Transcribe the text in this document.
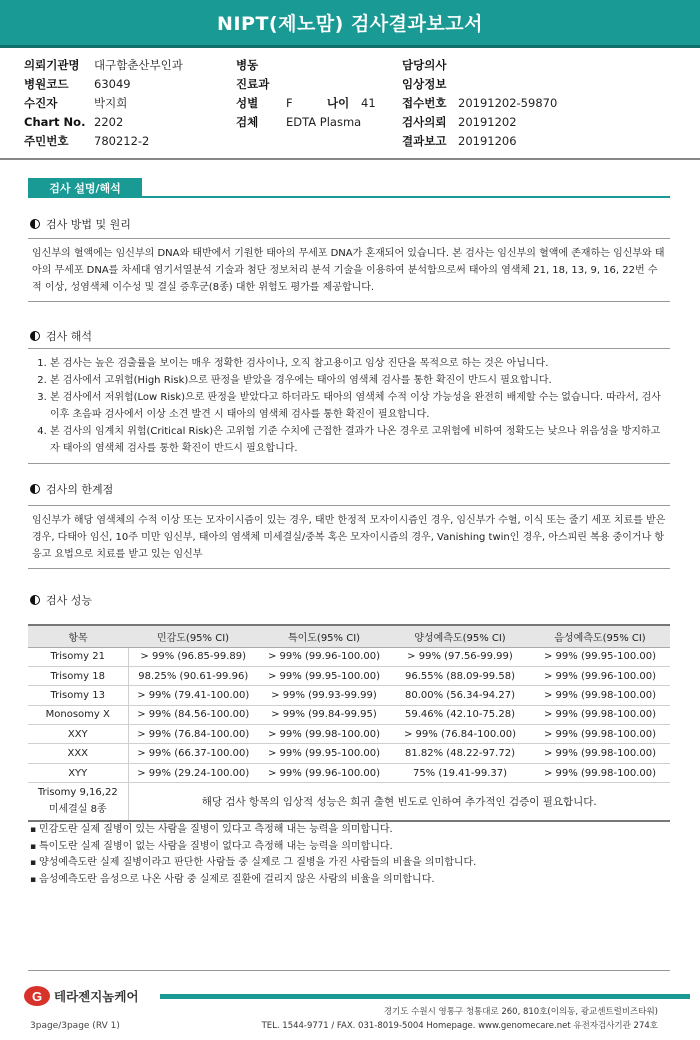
NIPT(제노맘) 검사결과보고서
의뢰기관명 대구함춘산부인과
병원코드 63049
수진자	박지희
Chart No. 2202
주민번호 780212-2
병동
진료과
성별 F	나이 41
검체 EDTA Plasma
담당의사
임상정보
접수번호 20191202-59870
검사의뢰 20191202
결과보고 20191206
검사 설명/해석
검사 방법 및 원리
임신부의 혈액에는 임신부의 DNA와 태반에서 기원한 태아의 무세포 DNA가 혼재되어 있습니다. 본 검사는 임신부의 혈액에 존재하는 임신부와 태아의 무세포 DNA를 차세대 염기서열분석 기술과 첨단 정보처리 분석 기술을 이용하여 분석함으로써 태아의 염색체 21, 18, 13, 9, 16, 22번 수적 이상, 성염색체 이수성 및 결실 증후군(8종) 대한 위험도 평가를 제공합니다.
검사 해석
1. 본 검사는 높은 검출률을 보이는 매우 정확한 검사이나, 오직 참고용이고 임상 진단을 목적으로 하는 것은 아닙니다.
2. 본 검사에서 고위험(High Risk)으로 판정을 받았을 경우에는 태아의 염색체 검사를 통한 확진이 반드시 필요합니다.
3. 본 검사에서 저위험(Low Risk)으로 판정을 받았다고 하더라도 태아의 염색체 수적 이상 가능성을 완전히 배제할 수는 없습니다. 따라서, 검사 이후 초음파 검사에서 이상 소견 발견 시 태아의 염색체 검사를 통한 확진이 필요합니다.
4. 본 검사의 임계치 위험(Critical Risk)은 고위험 기준 수치에 근접한 결과가 나온 경우로 고위험에 비하여 정확도는 낮으나 위음성을 방지하고자 태아의 염색체 검사를 통한 확진이 반드시 필요합니다.
검사의 한계점
임신부가 해당 염색체의 수적 이상 또는 모자이시즘이 있는 경우, 태반 한정적 모자이시즘인 경우, 임신부가 수혈, 이식 또는 줄기 세포 치료를 받은 경우, 다태아 임신, 10주 미만 임신부, 태아의 염색체 미세결실/중복 혹은 모자이시즘의 경우, Vanishing twin인 경우, 아스피린 복용 중이거나 항 응고 요법으로 치료를 받고 있는 임신부
검사 성능
항목	민감도(95% CI)	특이도(95% CI)	양성예측도(95% CI)	음성예측도(95% CI)
Trisomy 21	> 99% (96.85-99.89)	> 99% (99.96-100.00)	> 99% (97.56-99.99)	> 99% (99.95-100.00)
Trisomy 18	98.25% (90.61-99.96)	> 99% (99.95-100.00)	96.55% (88.09-99.58)	> 99% (99.96-100.00)
Trisomy 13	> 99% (79.41-100.00)	> 99% (99.93-99.99)	80.00% (56.34-94.27)	> 99% (99.98-100.00)
Monosomy X	> 99% (84.56-100.00)	> 99% (99.84-99.95)	59.46% (42.10-75.28)	> 99% (99.98-100.00)
XXY	> 99% (76.84-100.00)	> 99% (99.98-100.00)	> 99% (76.84-100.00)	> 99% (99.98-100.00)
XXX	> 99% (66.37-100.00)	> 99% (99.95-100.00)	81.82% (48.22-97.72)	> 99% (99.98-100.00)
XYY	> 99% (29.24-100.00)	> 99% (99.96-100.00)	75% (19.41-99.37)	> 99% (99.98-100.00)

Trisomy 9,16,22
미세결실 8종	해당 검사 항목의 임상적 성능은 희귀 출현 빈도로 인하여 추가적인 검증이 필요합니다.			
▪ 민감도란 실제 질병이 있는 사람을 질병이 있다고 측정해 내는 능력을 의미합니다.
▪ 특이도란 실제 질병이 없는 사람을 질병이 없다고 측정해 내는 능력을 의미합니다.
▪ 양성예측도란 실제 질병이라고 판단한 사람들 중 실제로 그 질병을 가진 사람들의 비율을 의미합니다.
▪ 음성예측도란 음성으로 나온 사람 중 실제로 질환에 걸리지 않은 사람의 비율을 의미합니다.
G 테라젠지놈케어
경기도 수원시 영통구 청통대로 260, 810호(이의동, 광교센트럴비즈타워)
TEL. 1544-9771 / FAX. 031-8019-5004 Homepage. www.genomecare.net 유전자검사기관 274호
3page/3page (RV 1)
